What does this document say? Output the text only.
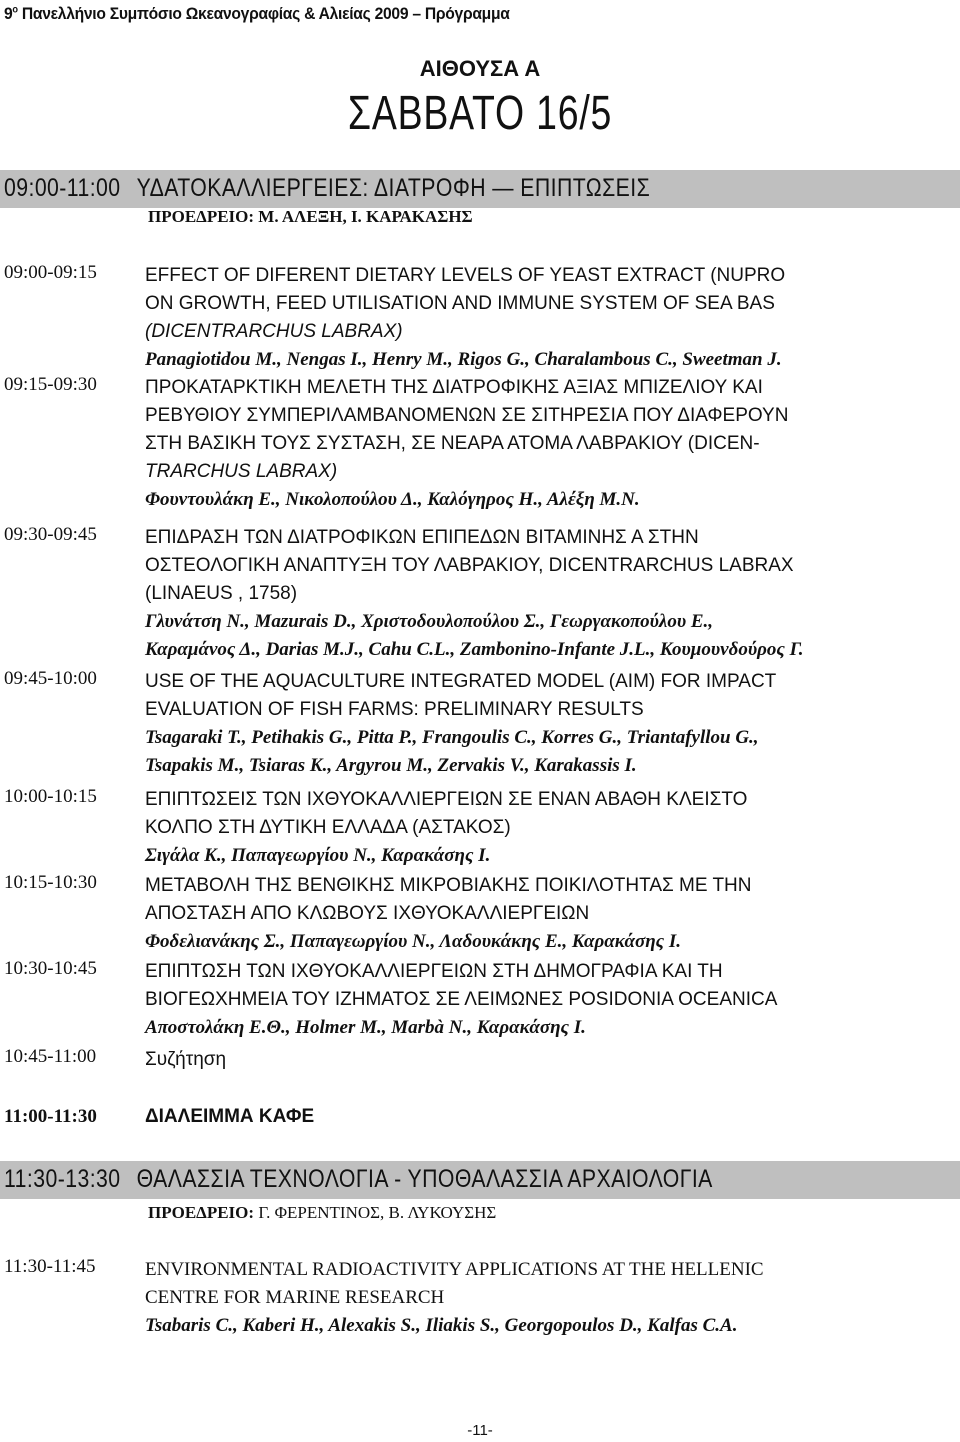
$9^o$ Πανελλήνιο Συμπόσιο Ωκεανογραφίας & Αλιείας 2009 – Πρόγραμμα
ΑΙΘΟΥΣΑ Α
ΣΑΒΒΑΤΟ 16/5
09:00-11:00 ΥΔΑΤΟΚΑΛΛΙΕΡΓΕΙΕΣ: ΔΙΑΤΡΟΦΗ — ΕΠΙΠΤΩΣΕΙΣ
ΠΡΟΕΔΡΕΙΟ: Μ. ΑΛΕΞΗ, Ι. ΚΑΡΑΚΑΣΗΣ
09:00-09:15	EFFECT OF DIFERENT DIETARY LEVELS OF YEAST EXTRACT (NUPRO
ON GROWTH, FEED UTILISATION AND IMMUNE SYSTEM OF SEA BAS
(DICENTRARCHUS LABRAX)
Panagiotidou M., Nengas I., Henry M., Rigos G., Charalambous C., Sweetman J.
09:15-09:30	ΠΡΟΚΑΤΑΡΚΤΙΚΗ ΜΕΛΕΤΗ ΤΗΣ ΔΙΑΤΡΟΦΙΚΗΣ ΑΞΙΑΣ ΜΠΙΖΕΛΙΟΥ ΚΑΙ
ΡΕΒΥΘΙΟΥ ΣΥΜΠΕΡΙΛΑΜΒΑΝΟΜΕΝΩΝ ΣΕ ΣΙΤΗΡΕΣΙΑ ΠΟΥ ΔΙΑΦΕΡΟΥΝ
ΣΤΗ ΒΑΣΙΚΗ ΤΟΥΣ ΣΥΣΤΑΣΗ, ΣΕ ΝΕΑΡΑ ΑΤΟΜΑ ΛΑΒΡΑΚΙΟΥ (DICEN-
TRARCHUS LABRAX)
Φουντουλάκη Ε., Νικολοπούλου Δ., Καλόγηρος Η., Αλέξη Μ.Ν.
09:30-09:45	ΕΠΙΔΡΑΣΗ ΤΩΝ ΔΙΑΤΡΟΦΙΚΩΝ ΕΠΙΠΕΔΩΝ ΒΙΤΑΜΙΝΗΣ Α ΣΤΗΝ
ΟΣΤΕΟΛΟΓΙΚΗ ΑΝΑΠΤΥΞΗ ΤΟΥ ΛΑΒΡΑΚΙΟΥ, DICENTRARCHUS LABRAX
(LINAEUS , 1758)
Γλυνάτση Ν., Mazurais D., Χριστοδουλοπούλου Σ., Γεωργακοπούλου Ε.,
Καραμάνος Δ., Darias M.J., Cahu C.L., Zambonino-Infante J.L., Κουμουνδούρος Γ.
09:45-10:00	USE OF THE AQUACULTURE INTEGRATED MODEL (AIM) FOR IMPACT
EVALUATION OF FISH FARMS: PRELIMINARY RESULTS
Tsagaraki T., Petihakis G., Pitta P., Frangoulis C., Korres G., Triantafyllou G.,
Tsapakis M., Tsiaras K., Argyrou M., Zervakis V., Karakassis I.
10:00-10:15	ΕΠΙΠΤΩΣΕΙΣ ΤΩΝ ΙΧΘΥΟΚΑΛΛΙΕΡΓΕΙΩΝ ΣΕ ΕΝΑΝ ΑΒΑΘΗ ΚΛΕΙΣΤΟ
ΚΟΛΠΟ ΣΤΗ ΔΥΤΙΚΗ ΕΛΛΑΔΑ (ΑΣΤΑΚΟΣ)
Σιγάλα Κ., Παπαγεωργίου Ν., Καρακάσης Ι.
10:15-10:30	ΜΕΤΑΒΟΛΗ ΤΗΣ ΒΕΝΘΙΚΗΣ ΜΙΚΡΟΒΙΑΚΗΣ ΠΟΙΚΙΛΟΤΗΤΑΣ ΜΕ ΤΗΝ
ΑΠΟΣΤΑΣΗ ΑΠΟ ΚΛΩΒΟΥΣ ΙΧΘΥΟΚΑΛΛΙΕΡΓΕΙΩΝ
Φοδελιανάκης Σ., Παπαγεωργίου Ν., Λαδουκάκης Ε., Καρακάσης Ι.
10:30-10:45	ΕΠΙΠΤΩΣΗ ΤΩΝ ΙΧΘΥΟΚΑΛΛΙΕΡΓΕΙΩΝ ΣΤΗ ΔΗΜΟΓΡΑΦΙΑ ΚΑΙ ΤΗ
ΒΙΟΓΕΩΧΗΜΕΙΑ ΤΟΥ ΙΖΗΜΑΤΟΣ ΣΕ ΛΕΙΜΩΝΕΣ POSIDONIA OCEANICA
Αποστολάκη Ε.Θ., Holmer M., Marbà N., Καρακάσης Ι.
10:45-11:00	Συζήτηση
11:00-11:30	ΔΙΑΛΕΙΜΜΑ ΚΑΦΕ
11:30-13:30 ΘΑΛΑΣΣΙΑ ΤΕΧΝΟΛΟΓΙΑ - ΥΠΟΘΑΛΑΣΣΙΑ ΑΡΧΑΙΟΛΟΓΙΑ
ΠΡΟΕΔΡΕΙΟ: Γ. ΦΕΡΕΝΤΙΝΟΣ, Β. ΛΥΚΟΥΣΗΣ
11:30-11:45	ENVIRONMENTAL RADIOACTIVITY APPLICATIONS AT THE HELLENIC
CENTRE FOR MARINE RESEARCH
Tsabaris C., Kaberi H., Alexakis S., Iliakis S., Georgopoulos D., Kalfas C.A.
-11-
